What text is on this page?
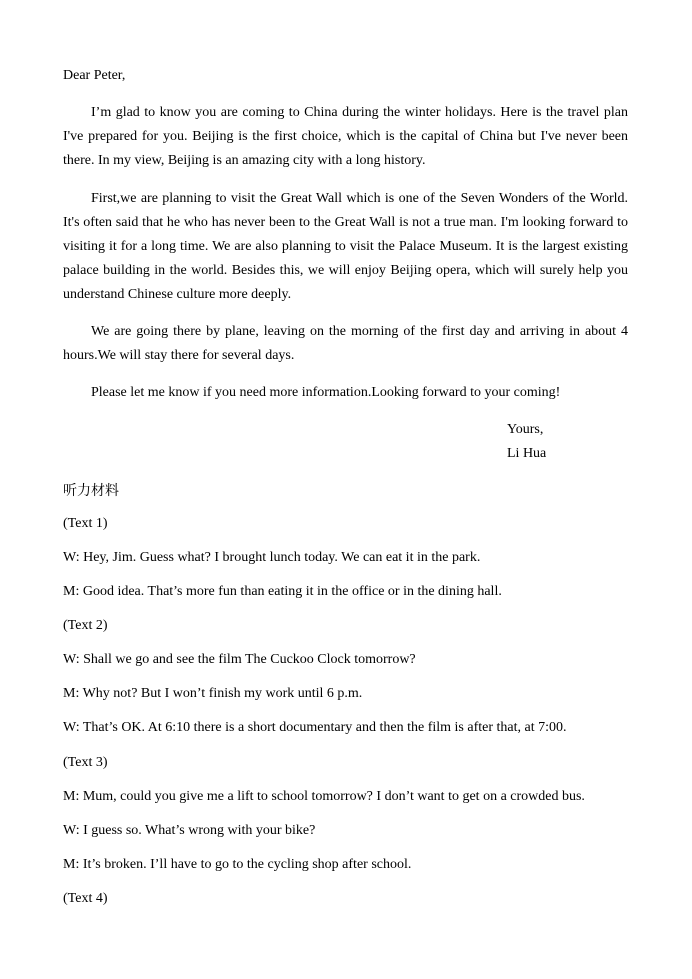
Dear Peter,
I’m glad to know you are coming to China during the winter holidays. Here is the travel plan I've prepared for you. Beijing is the first choice, which is the capital of China but I've never been there. In my view, Beijing is an amazing city with a long history.
First,we are planning to visit the Great Wall which is one of the Seven Wonders of the World. It's often said that he who has never been to the Great Wall is not a true man. I'm looking forward to visiting it for a long time. We are also planning to visit the Palace Museum. It is the largest existing palace building in the world. Besides this, we will enjoy Beijing opera, which will surely help you understand Chinese culture more deeply.
We are going there by plane, leaving on the morning of the first day and arriving in about 4 hours.We will stay there for several days.
Please let me know if you need more information.Looking forward to your coming!
Yours,
Li Hua
听力材料
(Text 1)
W: Hey, Jim. Guess what? I brought lunch today. We can eat it in the park.
M: Good idea. That’s more fun than eating it in the office or in the dining hall.
(Text 2)
W: Shall we go and see the film The Cuckoo Clock tomorrow?
M: Why not? But I won’t finish my work until 6 p.m.
W: That’s OK. At 6:10 there is a short documentary and then the film is after that, at 7:00.
(Text 3)
M: Mum, could you give me a lift to school tomorrow? I don’t want to get on a crowded bus.
W: I guess so. What’s wrong with your bike?
M: It’s broken. I’ll have to go to the cycling shop after school.
(Text 4)
